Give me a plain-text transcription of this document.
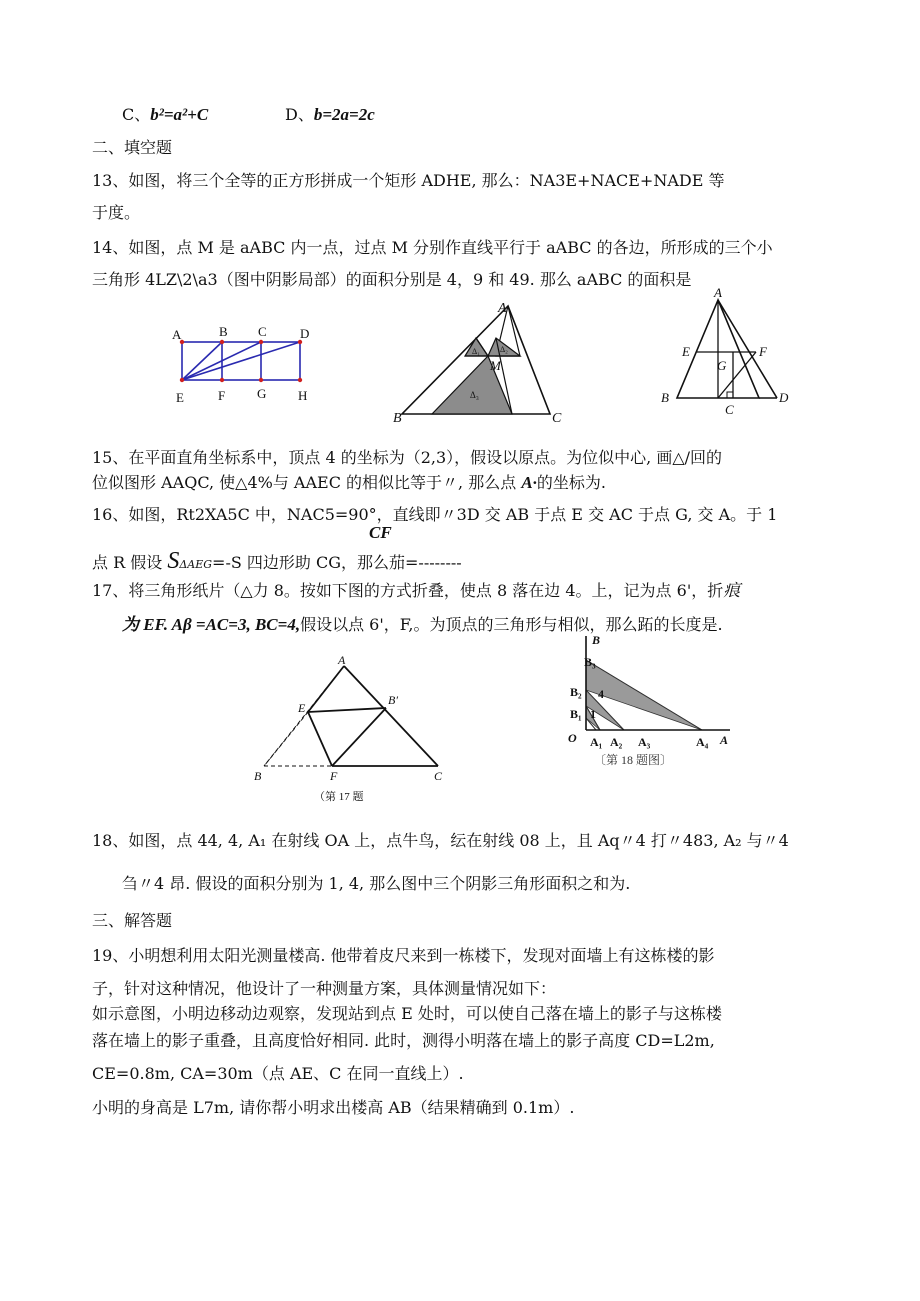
C、b²=a²+C	D、b=2a=2c
二、填空题
13、如图，将三个全等的正方形拼成一个矩形 ADHE, 那么：NA3E+NACE+NADE 等
于度。
14、如图，点 M 是 aABC 内一点，过点 M 分别作直线平行于 aABC 的各边，所形成的三个小
三角形 4LZ\2\a3（图中阴影局部）的面积分别是 4，9 和 49. 那么 aABC 的面积是
A	B C	D
E	F G H
A
B	C
M
Δ₁	Δ₂
Δ₃
A
B
C
D
E	F
G
15、在平面直角坐标系中，顶点 4 的坐标为（2,3），假设以原点。为位似中心, 画△/回的
位似图形 AAQC, 使△4%与 AAEC 的相似比等于〃, 那么点 A·的坐标为.
16、如图，Rt2XA5C 中，NAC5=90°，直线即〃3D 交 AB 于点 E 交 AC 于点 G, 交 A。于 1
CF
点 R 假设 SΔAEG=-S 四边形助 CG，那么茄=--------
17、将三角形纸片（△力 8。按如下图的方式折叠，使点 8 落在边 4。上，记为点 6'，折痕
为 EF. Aβ =AC=3, BC=4,假设以点 6'，F,。为顶点的三角形与相似，那么跖的长度是.
A
B	C
E
F
B′
（第 17 题
O	A
A₁ A₂ A₃	A₄
B
B₁
B₂
B₃
1
4
〔第 18 题图〕
18、如图，点 44, 4, A₁ 在射线 OA 上，点牛鸟，纭在射线 08 上，且 Aq〃4 打〃483, A₂ 与〃4
刍〃4 昂. 假设的面积分别为 1, 4, 那么图中三个阴影三角形面积之和为.
三、解答题
19、小明想利用太阳光测量楼高. 他带着皮尺来到一栋楼下，发现对面墙上有这栋楼的影
子，针对这种情况，他设计了一种测量方案，具体测量情况如下：
如示意图，小明边移动边观察，发现站到点 E 处时，可以使自己落在墙上的影子与这栋楼
落在墙上的影子重叠，且高度恰好相同. 此时，测得小明落在墙上的影子高度 CD=L2m,
CE=0.8m, CA=30m（点 AE、C 在同一直线上）.
小明的身高是 L7m, 请你帮小明求出楼高 AB（结果精确到 0.1m）.
